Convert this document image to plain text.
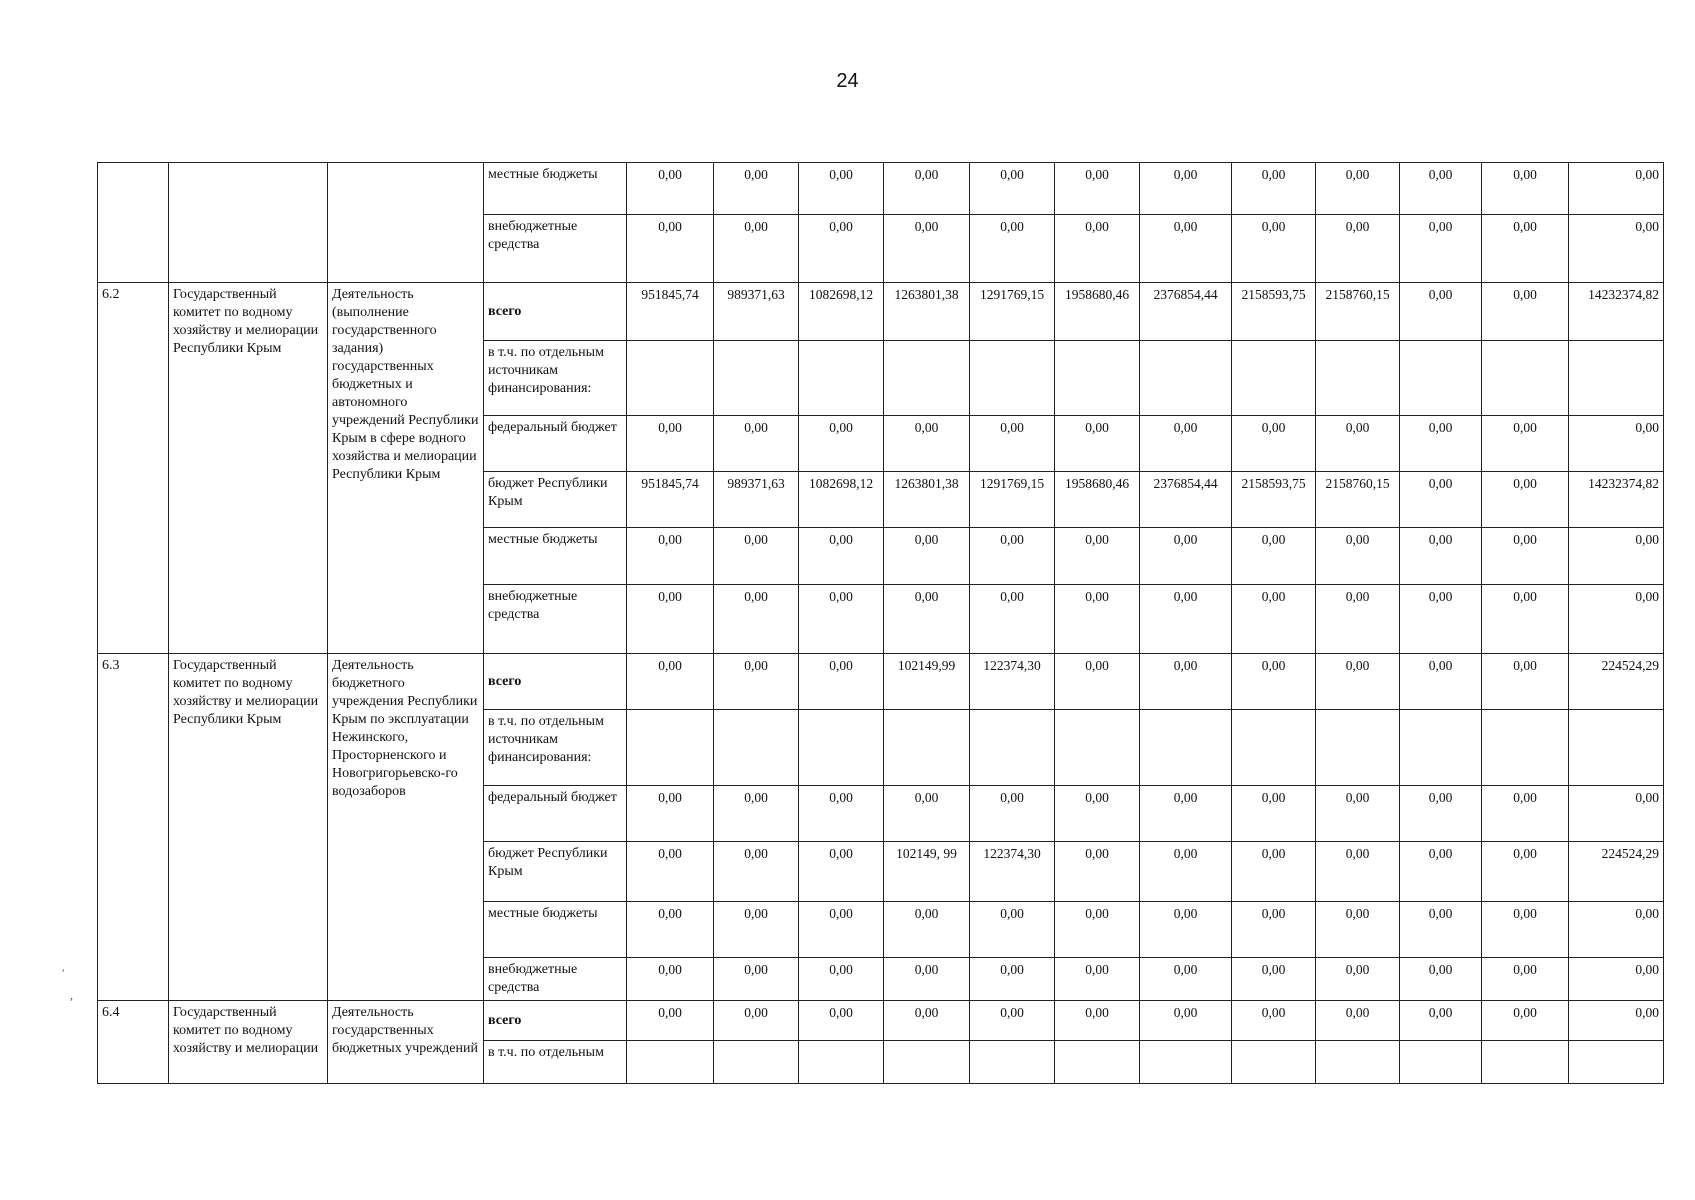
24
′
,
			местные бюджеты	0,00	0,00	0,00	0,00	0,00	0,00	0,00	0,00	0,00	0,00	0,00	0,00
			внебюджетные средства	0,00	0,00	0,00	0,00	0,00	0,00	0,00	0,00	0,00	0,00	0,00	0,00
6.2	Государственный комитет по водному хозяйству и мелиорации Республики Крым	Деятельность (выполнение государственного задания) государственных бюджетных и автономного учреждений Республики Крым в сфере водного хозяйства и мелиорации Республики Крым	всего	951845,74	989371,63	1082698,12	1263801,38	1291769,15	1958680,46	2376854,44	2158593,75	2158760,15	0,00	0,00	14232374,82
			в т.ч. по отдельным источникам финансирования:												
			федеральный бюджет	0,00	0,00	0,00	0,00	0,00	0,00	0,00	0,00	0,00	0,00	0,00	0,00
			бюджет Республики Крым	951845,74	989371,63	1082698,12	1263801,38	1291769,15	1958680,46	2376854,44	2158593,75	2158760,15	0,00	0,00	14232374,82
			местные бюджеты	0,00	0,00	0,00	0,00	0,00	0,00	0,00	0,00	0,00	0,00	0,00	0,00
			внебюджетные средства	0,00	0,00	0,00	0,00	0,00	0,00	0,00	0,00	0,00	0,00	0,00	0,00
6.3	Государственный комитет по водному хозяйству и мелиорации Республики Крым	Деятельность бюджетного учреждения Республики Крым по эксплуатации Нежинского, Просторненского и Новогригорьевско-го водозаборов	всего	0,00	0,00	0,00	102149,99	122374,30	0,00	0,00	0,00	0,00	0,00	0,00	224524,29
			в т.ч. по отдельным источникам финансирования:												
			федеральный бюджет	0,00	0,00	0,00	0,00	0,00	0,00	0,00	0,00	0,00	0,00	0,00	0,00
			бюджет Республики Крым	0,00	0,00	0,00	102149, 99	122374,30	0,00	0,00	0,00	0,00	0,00	0,00	224524,29
			местные бюджеты	0,00	0,00	0,00	0,00	0,00	0,00	0,00	0,00	0,00	0,00	0,00	0,00
			внебюджетные средства	0,00	0,00	0,00	0,00	0,00	0,00	0,00	0,00	0,00	0,00	0,00	0,00
6.4	Государственный комитет по водному хозяйству и мелиорации	Деятельность государственных бюджетных учреждений	всего	0,00	0,00	0,00	0,00	0,00	0,00	0,00	0,00	0,00	0,00	0,00	0,00
			в т.ч. по отдельным												
